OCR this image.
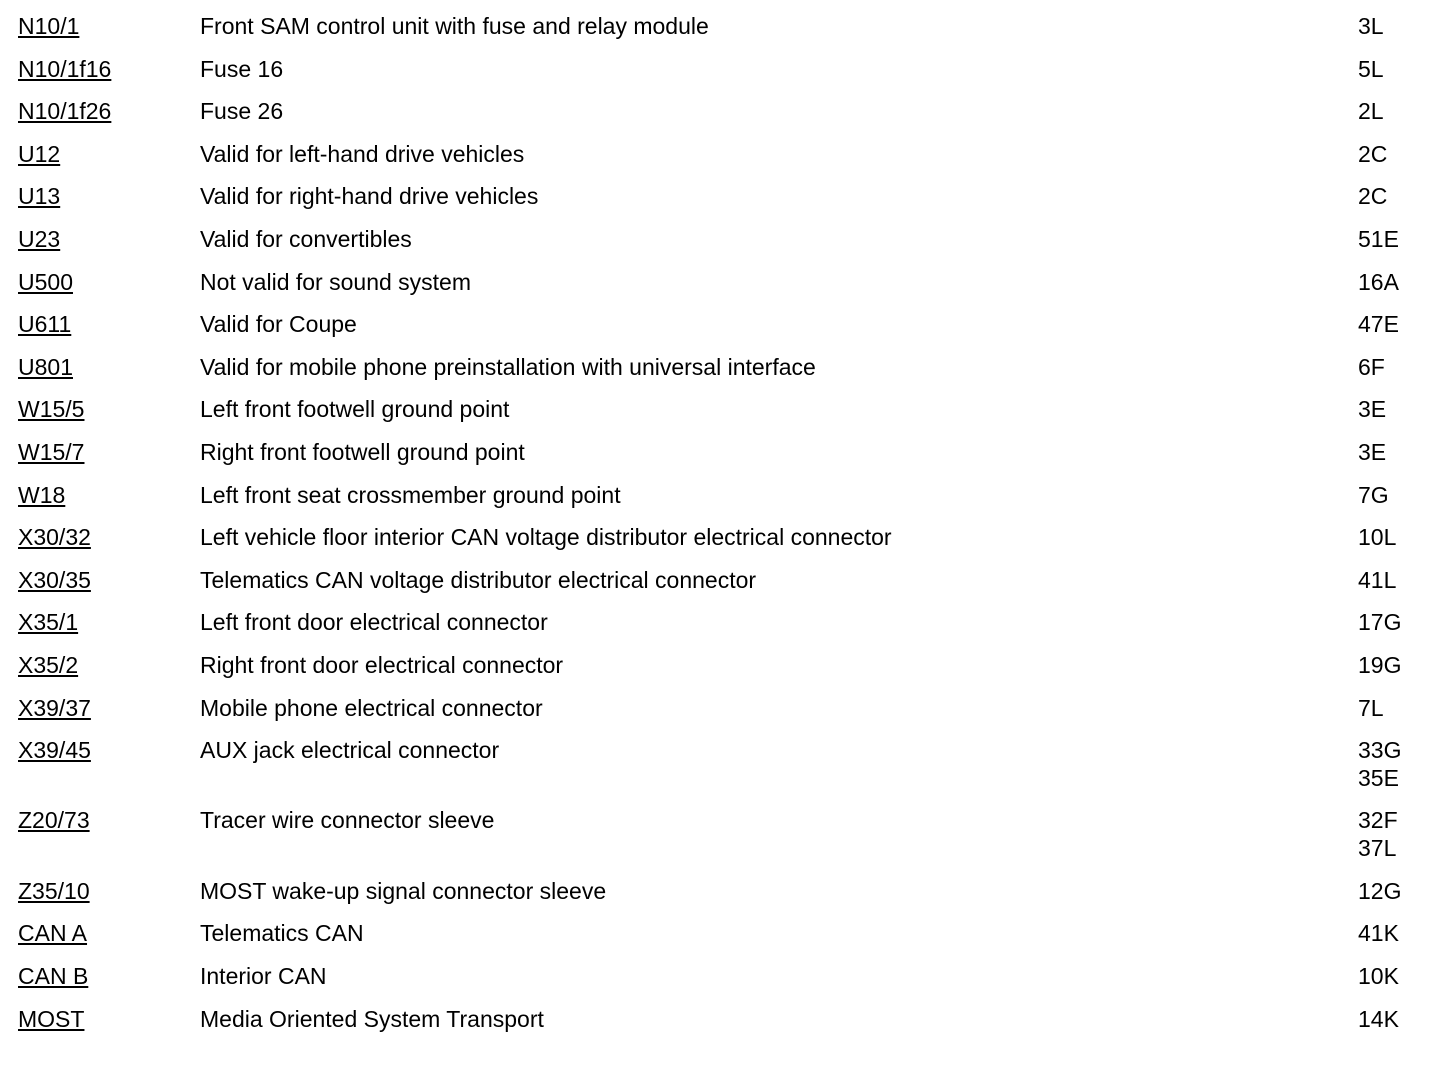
N10/1	Front SAM control unit with fuse and relay module	3L
N10/1f16	Fuse 16	5L
N10/1f26	Fuse 26	2L
U12	Valid for left-hand drive vehicles	2C
U13	Valid for right-hand drive vehicles	2C
U23	Valid for convertibles	51E
U500	Not valid for sound system	16A
U611	Valid for Coupe	47E
U801	Valid for mobile phone preinstallation with universal interface	6F
W15/5	Left front footwell ground point	3E
W15/7	Right front footwell ground point	3E
W18	Left front seat crossmember ground point	7G
X30/32	Left vehicle floor interior CAN voltage distributor electrical connector	10L
X30/35	Telematics CAN voltage distributor electrical connector	41L
X35/1	Left front door electrical connector	17G
X35/2	Right front door electrical connector	19G
X39/37	Mobile phone electrical connector	7L
X39/45	AUX jack electrical connector	33G
35E
Z20/73	Tracer wire connector sleeve	32F
37L
Z35/10	MOST wake-up signal connector sleeve	12G
CAN A	Telematics CAN	41K
CAN B	Interior CAN	10K
MOST	Media Oriented System Transport	14K
